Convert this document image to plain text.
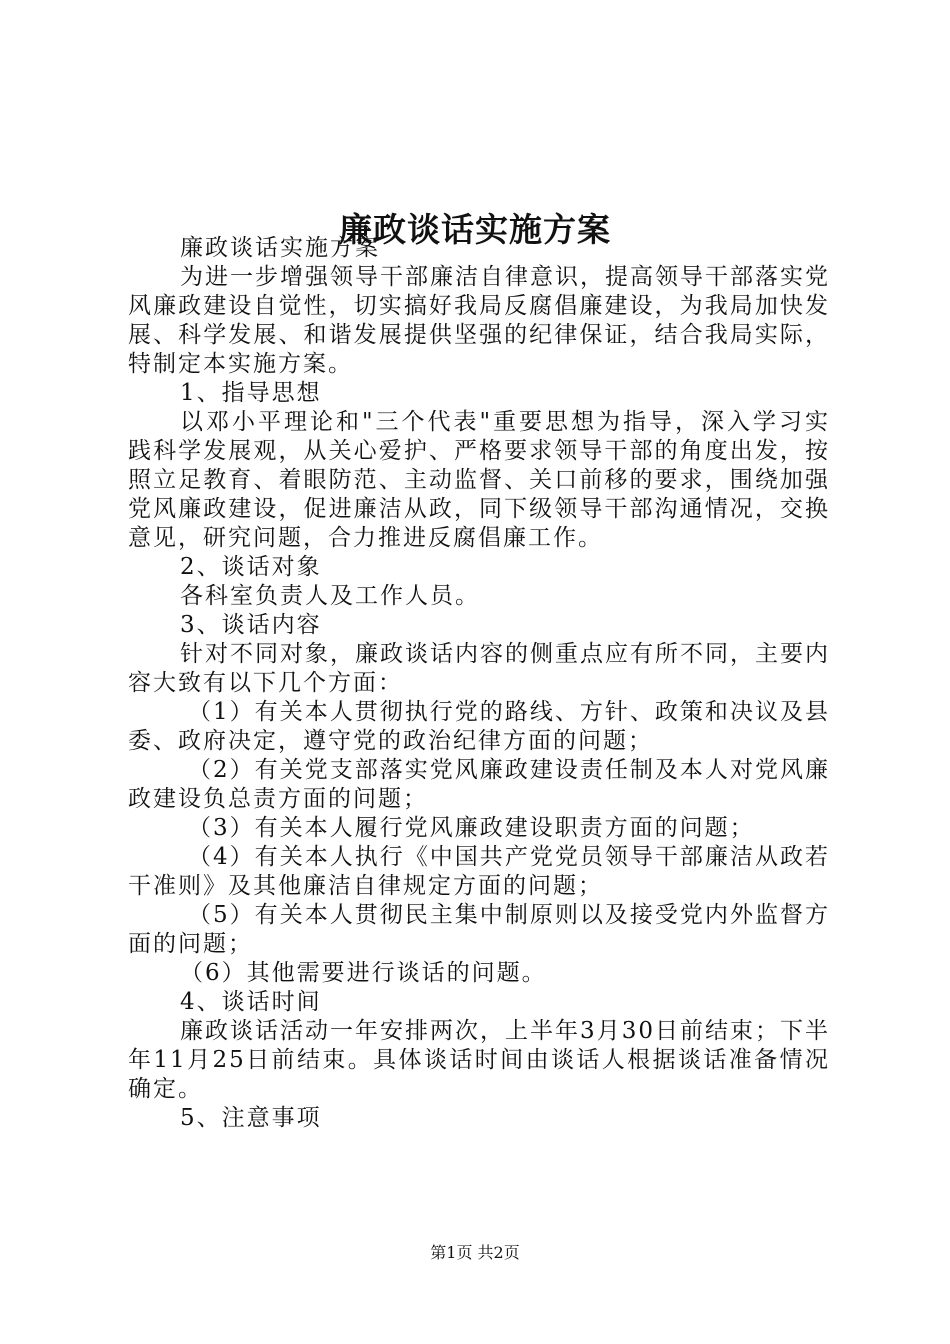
廉政谈话实施方案

廉政谈话实施方案

为进一步增强领导干部廉洁自律意识，提高领导干部落实党风廉政建设自觉性，切实搞好我局反腐倡廉建设，为我局加快发展、科学发展、和谐发展提供坚强的纪律保证，结合我局实际，特制定本实施方案。

1、指导思想

以邓小平理论和"三个代表"重要思想为指导，深入学习实践科学发展观，从关心爱护、严格要求领导干部的角度出发，按照立足教育、着眼防范、主动监督、关口前移的要求，围绕加强党风廉政建设，促进廉洁从政，同下级领导干部沟通情况，交换意见，研究问题，合力推进反腐倡廉工作。

2、谈话对象

各科室负责人及工作人员。

3、谈话内容

针对不同对象，廉政谈话内容的侧重点应有所不同，主要内容大致有以下几个方面：

（1）有关本人贯彻执行党的路线、方针、政策和决议及县委、政府决定，遵守党的政治纪律方面的问题；

（2）有关党支部落实党风廉政建设责任制及本人对党风廉政建设负总责方面的问题；

（3）有关本人履行党风廉政建设职责方面的问题；

（4）有关本人执行《中国共产党党员领导干部廉洁从政若干准则》及其他廉洁自律规定方面的问题；

（5）有关本人贯彻民主集中制原则以及接受党内外监督方面的问题；

（6）其他需要进行谈话的问题。

4、谈话时间

廉政谈话活动一年安排两次，上半年3月30日前结束；下半年11月25日前结束。具体谈话时间由谈话人根据谈话准备情况确定。

5、注意事项

第1页 共2页
